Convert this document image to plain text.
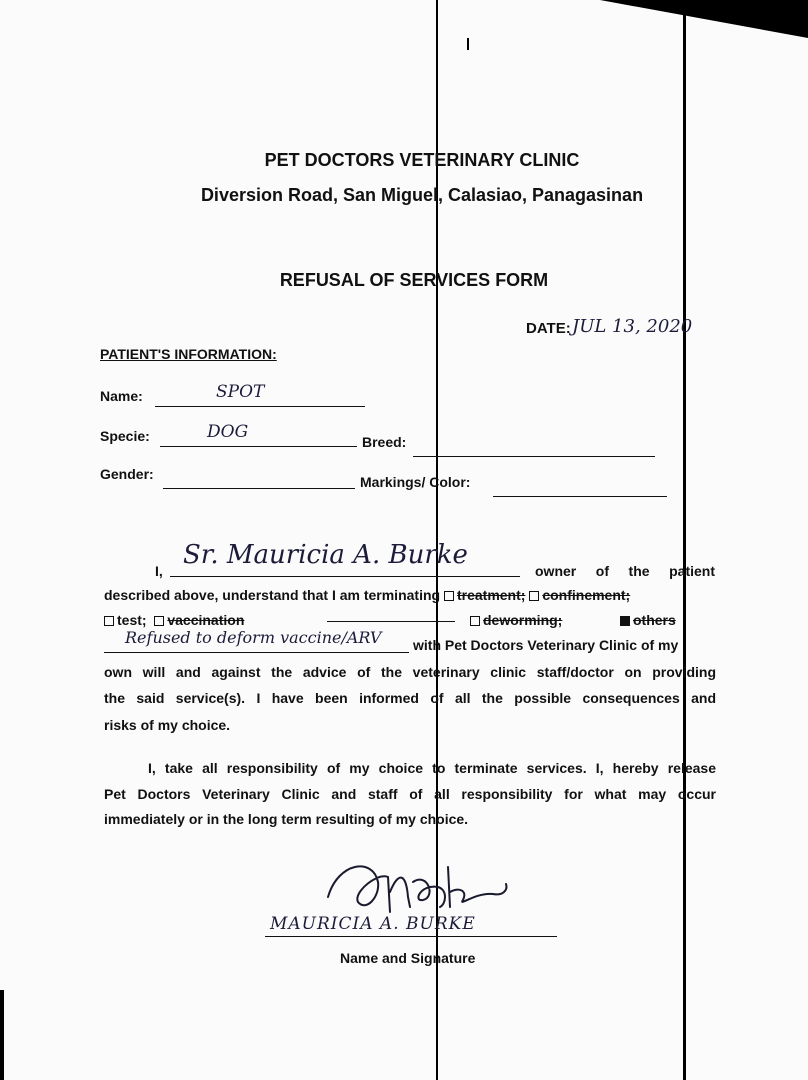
PET DOCTORS VETERINARY CLINIC
Diversion Road, San Miguel, Calasiao, Panagasinan
REFUSAL OF SERVICES FORM
DATE: JUL 13, 2020
PATIENT'S INFORMATION:
Name:	SPOT
Specie:	DOG	Breed:
Gender:	Markings/ Color:
I,
Sr. Mauricia A. Burke
owner of the patient
described above, understand that I am terminating treatment; confinement;
test; vaccination	deworming;	others
Refused to deform vaccine/ARV with Pet Doctors Veterinary Clinic of my
own will and against the advice of the veterinary clinic staff/doctor on providing
the said service(s). I have been informed of all the possible consequences and
risks of my choice.
I, take all responsibility of my choice to terminate services. I, hereby release
Pet Doctors Veterinary Clinic and staff of all responsibility for what may occur
immediately or in the long term resulting of my choice.
MAURICIA A. BURKE
Name and Signature
